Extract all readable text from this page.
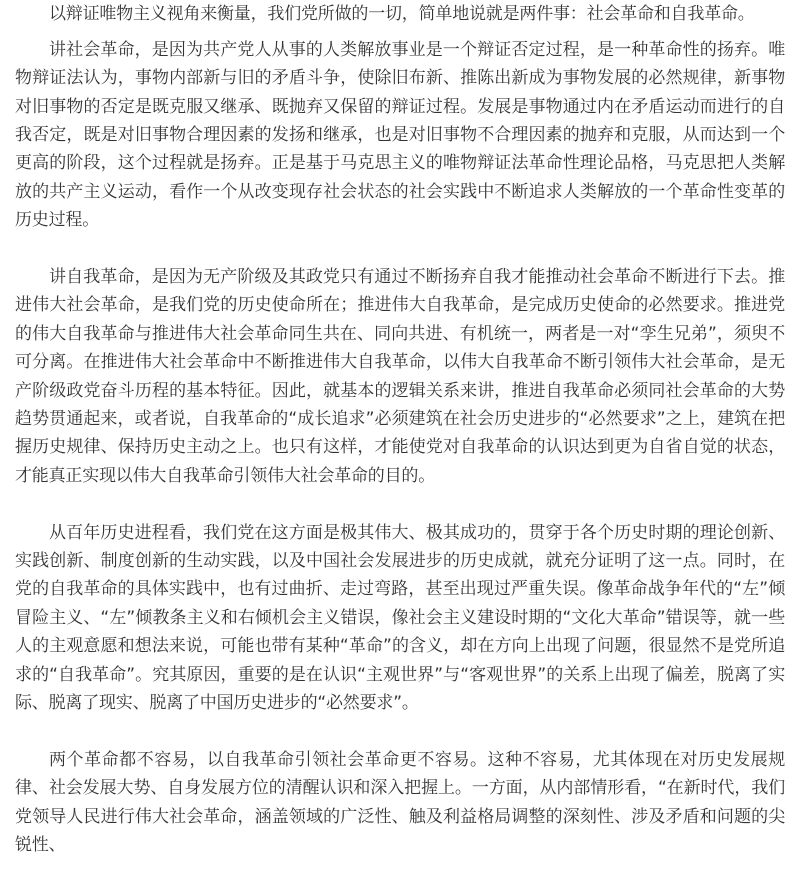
以辩证唯物主义视角来衡量，我们党所做的一切，简单地说就是两件事：社会革命和自我革命。

讲社会革命，是因为共产党人从事的人类解放事业是一个辩证否定过程，是一种革命性的扬弃。唯物辩证法认为，事物内部新与旧的矛盾斗争，使除旧布新、推陈出新成为事物发展的必然规律，新事物对旧事物的否定是既克服又继承、既抛弃又保留的辩证过程。发展是事物通过内在矛盾运动而进行的自我否定，既是对旧事物合理因素的发扬和继承，也是对旧事物不合理因素的抛弃和克服，从而达到一个更高的阶段，这个过程就是扬弃。正是基于马克思主义的唯物辩证法革命性理论品格，马克思把人类解放的共产主义运动，看作一个从改变现存社会状态的社会实践中不断追求人类解放的一个革命性变革的历史过程。

讲自我革命，是因为无产阶级及其政党只有通过不断扬弃自我才能推动社会革命不断进行下去。推进伟大社会革命，是我们党的历史使命所在；推进伟大自我革命，是完成历史使命的必然要求。推进党的伟大自我革命与推进伟大社会革命同生共在、同向共进、有机统一，两者是一对“孪生兄弟”，须臾不可分离。在推进伟大社会革命中不断推进伟大自我革命，以伟大自我革命不断引领伟大社会革命，是无产阶级政党奋斗历程的基本特征。因此，就基本的逻辑关系来讲，推进自我革命必须同社会革命的大势趋势贯通起来，或者说，自我革命的“成长追求”必须建筑在社会历史进步的“必然要求”之上，建筑在把握历史规律、保持历史主动之上。也只有这样，才能使党对自我革命的认识达到更为自省自觉的状态，才能真正实现以伟大自我革命引领伟大社会革命的目的。

从百年历史进程看，我们党在这方面是极其伟大、极其成功的，贯穿于各个历史时期的理论创新、实践创新、制度创新的生动实践，以及中国社会发展进步的历史成就，就充分证明了这一点。同时，在党的自我革命的具体实践中，也有过曲折、走过弯路，甚至出现过严重失误。像革命战争年代的“左”倾冒险主义、“左”倾教条主义和右倾机会主义错误，像社会主义建设时期的“文化大革命”错误等，就一些人的主观意愿和想法来说，可能也带有某种“革命”的含义，却在方向上出现了问题，很显然不是党所追求的“自我革命”。究其原因，重要的是在认识“主观世界”与“客观世界”的关系上出现了偏差，脱离了实际、脱离了现实、脱离了中国历史进步的“必然要求”。

两个革命都不容易，以自我革命引领社会革命更不容易。这种不容易，尤其体现在对历史发展规律、社会发展大势、自身发展方位的清醒认识和深入把握上。一方面，从内部情形看，“在新时代，我们党领导人民进行伟大社会革命，涵盖领域的广泛性、触及利益格局调整的深刻性、涉及矛盾和问题的尖锐性、
